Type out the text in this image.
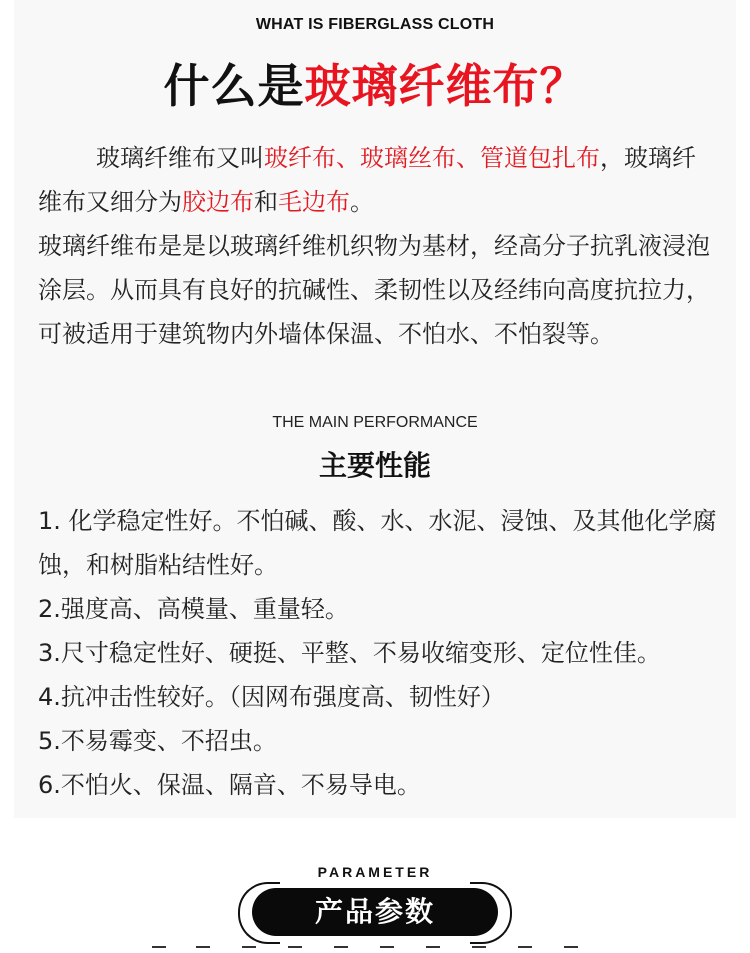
WHAT IS FIBERGLASS CLOTH
什么是玻璃纤维布？
玻璃纤维布又叫玻纤布、玻璃丝布、管道包扎布，玻璃纤维布又细分为胶边布和毛边布。
玻璃纤维布是是以玻璃纤维机织物为基材，经高分子抗乳液浸泡涂层。从而具有良好的抗碱性、柔韧性以及经纬向高度抗拉力，可被适用于建筑物内外墙体保温、不怕水、不怕裂等。
THE MAIN PERFORMANCE
主要性能
1. 化学稳定性好。不怕碱、酸、水、水泥、浸蚀、及其他化学腐蚀，和树脂粘结性好。
2.强度高、高模量、重量轻。
3.尺寸稳定性好、硬挺、平整、不易收缩变形、定位性佳。
4.抗冲击性较好。（因网布强度高、韧性好）
5.不易霉变、不招虫。
6.不怕火、保温、隔音、不易导电。
PARAMETER
产品参数
